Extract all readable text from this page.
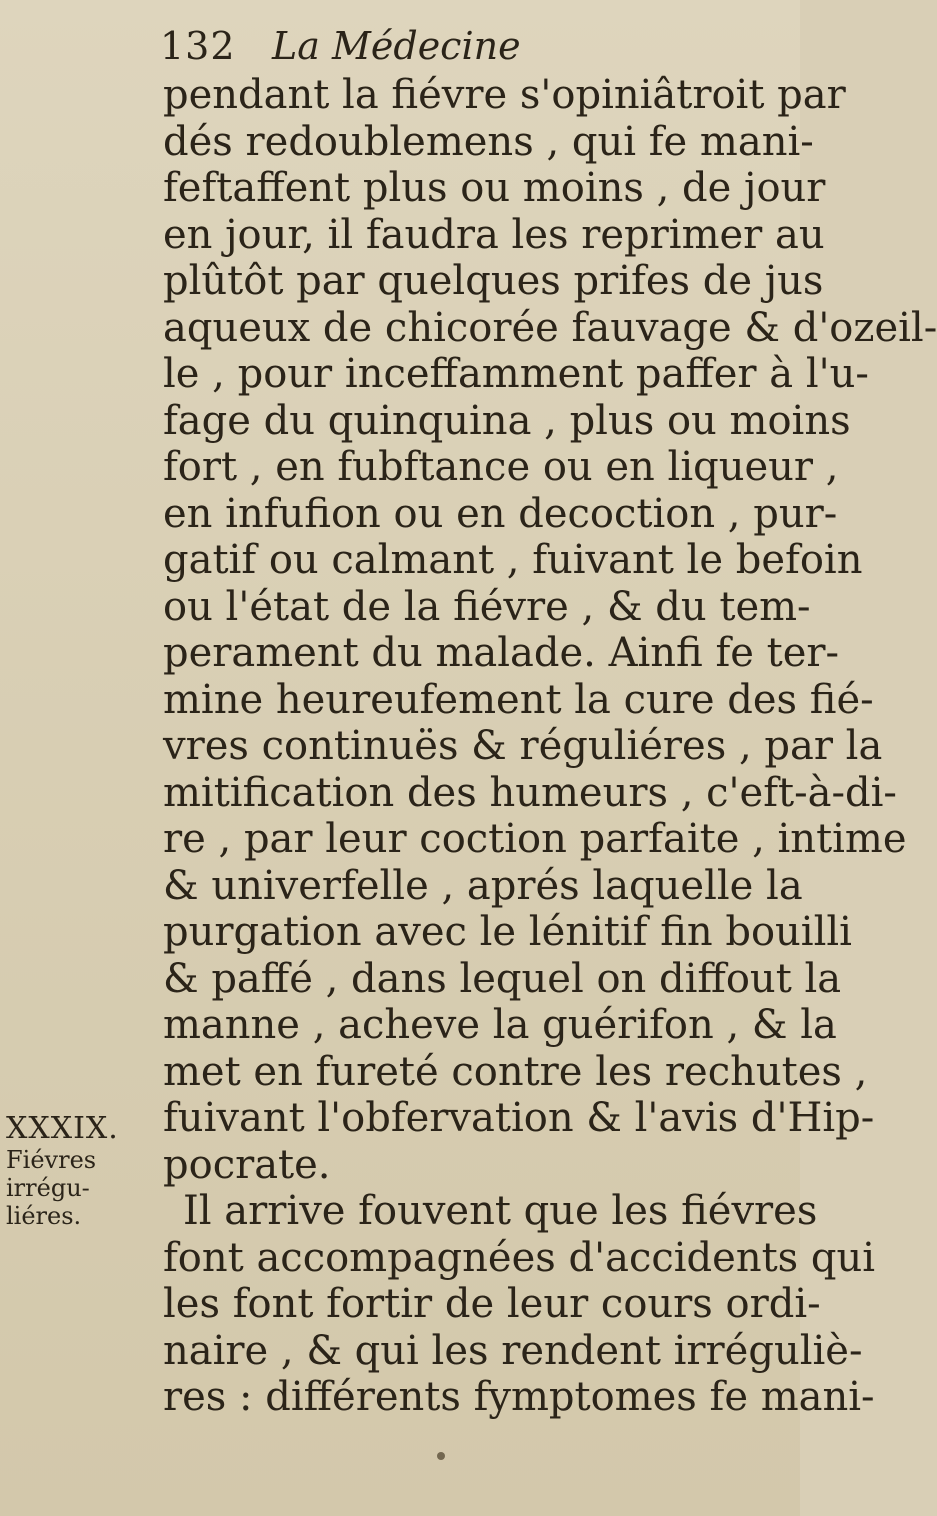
132 La Médecine
pendant la fiévre s'opiniâtroit par
dés redoublemens , qui fe mani-
feftaffent plus ou moins , de jour
en jour, il faudra les reprimer au
plûtôt par quelques prifes de jus
aqueux de chicorée fauvage & d'ozeil-
le , pour inceffamment paffer à l'u-
fage du quinquina , plus ou moins
fort , en fubftance ou en liqueur ,
en infufion ou en decoction , pur-
gatif ou calmant , fuivant le befoin
ou l'état de la fiévre , & du tem-
perament du malade. Ainfi fe ter-
mine heureufement la cure des fié-
vres continuës & réguliéres , par la
mitification des humeurs , c'eft-à-di-
re , par leur coction parfaite , intime
& univerfelle , aprés laquelle la
purgation avec le lénitif fin bouilli
& paffé , dans lequel on diffout la
manne , acheve la guérifon , & la
met en fureté contre les rechutes ,
fuivant l'obfervation & l'avis d'Hip-
pocrate.
Il arrive fouvent que les fiévres
font accompagnées d'accidents qui
les font fortir de leur cours ordi-
naire , & qui les rendent irréguliè-
res : différents fymptomes fe mani-
XXXIX.
Fiévres
irrégu-
liéres.
